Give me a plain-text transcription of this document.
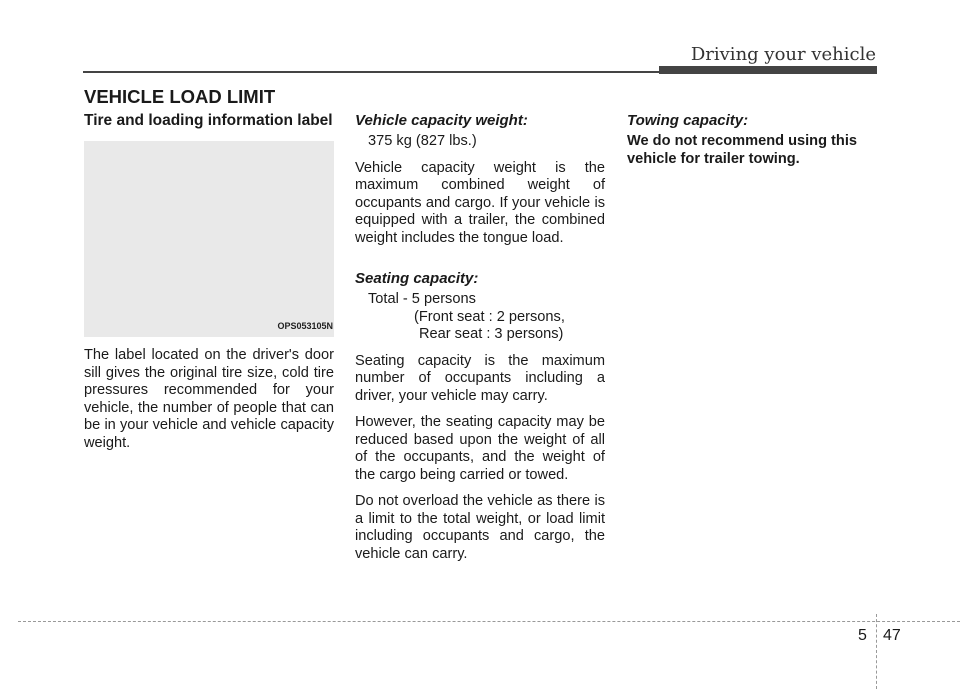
Driving your vehicle
VEHICLE LOAD LIMIT
Tire and loading information label
OPS053105N

The label located on the driver's door sill gives the original tire size, cold tire pressures recommended for your vehicle, the number of people that can be in your vehicle and vehicle capacity weight.

Vehicle capacity weight:

375 kg (827 lbs.)

Vehicle capacity weight is the maximum combined weight of occupants and cargo. If your vehicle is equipped with a trailer, the combined weight includes the tongue load.

Seating capacity:

Total - 5 persons

(Front seat : 2 persons,

Rear seat : 3 persons)

Seating capacity is the maximum number of occupants including a driver, your vehicle may carry.

However, the seating capacity may be reduced based upon the weight of all of the occupants, and the weight of the cargo being carried or towed.

Do not overload the vehicle as there is a limit to the total weight, or load limit including occupants and cargo, the vehicle can carry.

Towing capacity:

We do not recommend using this vehicle for trailer towing.

5 47
